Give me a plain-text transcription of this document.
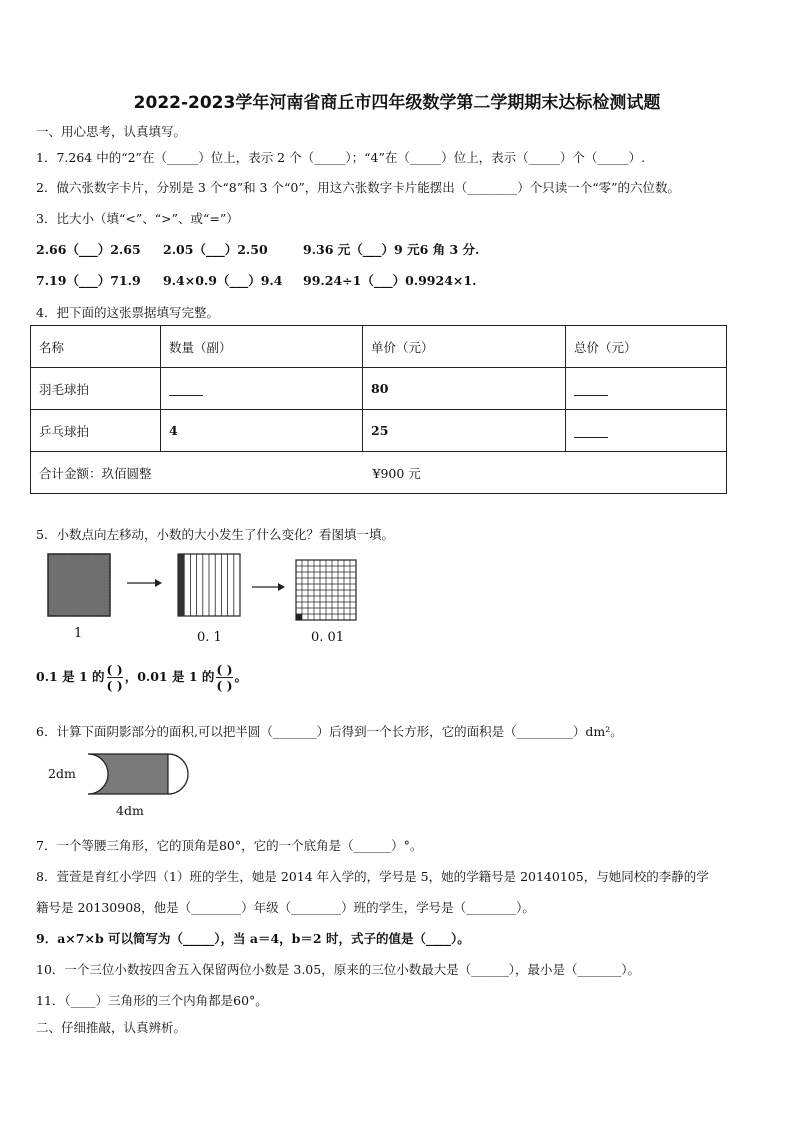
2022-2023学年河南省商丘市四年级数学第二学期期末达标检测试题
一、用心思考，认真填写。
1．7.264 中的“2”在（_____）位上，表示 2 个（_____）；“4”在（_____）位上，表示（_____）个（_____）.
2．做六张数字卡片，分别是 3 个“8”和 3 个“0”，用这六张数字卡片能摆出（________）个只读一个“零”的六位数。
3．比大小（填“<”、“>”、或“=”）
2.66（___）2.65 2.05（___）2.50	9.36 元（___）9 元6 角 3 分.
7.19（___）71.9 9.4×0.9（___）9.4 99.24÷1（___）0.9924×1.
4．把下面的这张票据填写完整。
名称	数量（副）	单价（元）	总价（元）
羽毛球拍		80	
乒乓球拍	4	25	
合计金额：玖佰圆整 ¥900 元			
5．小数点向左移动，小数的大小发生了什么变化？看图填一填。
1	0. 1	0. 01
0.1 是 1 的 $\frac{( )}{( )}$ ，0.01 是 1 的 $\frac{( )}{( )}$ 。
6．计算下面阴影部分的面积,可以把半圆（_______）后得到一个长方形，它的面积是（_________）dm²。
2dm
4dm
7．一个等腰三角形，它的顶角是80°，它的一个底角是（______）°。
8．萱萱是育红小学四（1）班的学生，她是 2014 年入学的，学号是 5，她的学籍号是 20140105，与她同校的李静的学
籍号是 20130908，他是（________）年级（________）班的学生，学号是（________）。
9．a×7×b 可以简写为（_____），当 a＝4，b＝2 时，式子的值是（____）。
10．一个三位小数按四舍五入保留两位小数是 3.05，原来的三位小数最大是（______），最小是（_______）。
11．（____）三角形的三个内角都是60°。
二、仔细推敲，认真辨析。
